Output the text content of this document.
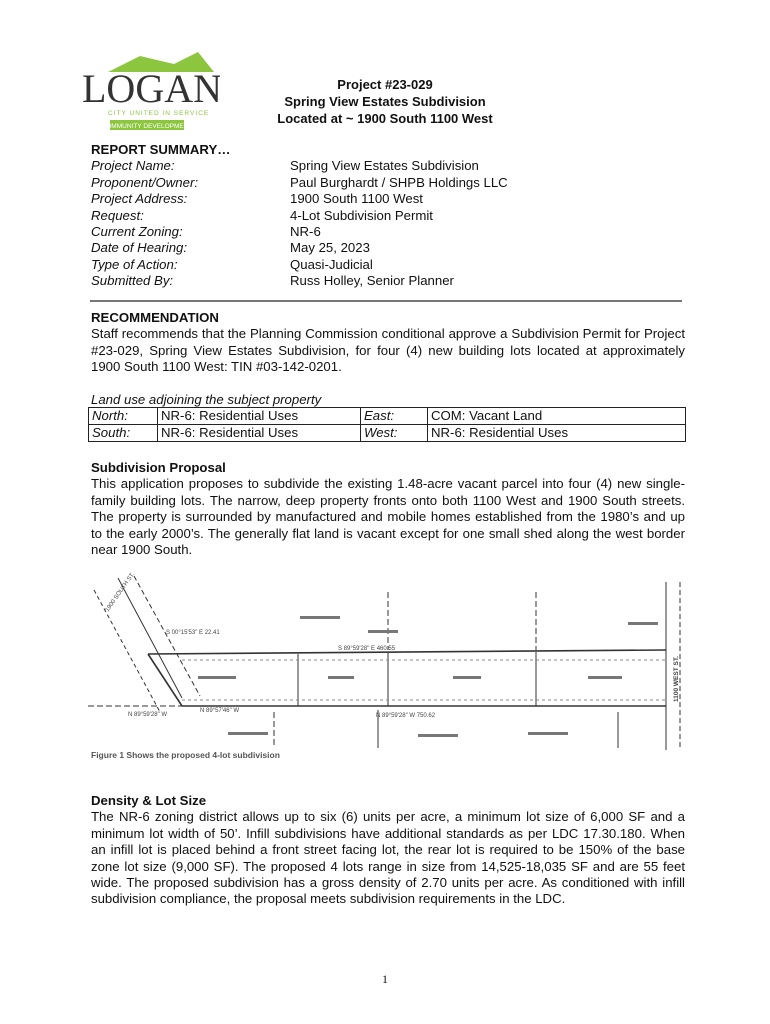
LOGAN
CITY UNITED IN SERVICE
COMMUNITY DEVELOPMENT
Project #23-029
Spring View Estates Subdivision
Located at ~ 1900 South 1100 West
REPORT SUMMARY…
Project Name:	Spring View Estates Subdivision
Proponent/Owner:	Paul Burghardt / SHPB Holdings LLC
Project Address:	1900 South 1100 West
Request:	4-Lot Subdivision Permit
Current Zoning:	NR-6
Date of Hearing:	May 25, 2023
Type of Action:	Quasi-Judicial
Submitted By:	Russ Holley, Senior Planner
RECOMMENDATION
Staff recommends that the Planning Commission conditional approve a Subdivision Permit for Project #23-029, Spring View Estates Subdivision, for four (4) new building lots located at approximately 1900 South 1100 West: TIN #03-142-0201.
Land use adjoining the subject property
North:	NR-6: Residential Uses	East:	COM: Vacant Land
South:	NR-6: Residential Uses	West:	NR-6: Residential Uses
Subdivision Proposal
This application proposes to subdivide the existing 1.48-acre vacant parcel into four (4) new single-family building lots. The narrow, deep property fronts onto both 1100 West and 1900 South streets. The property is surrounded by manufactured and mobile homes established from the 1980’s and up to the early 2000’s. The generally flat land is vacant except for one small shed along the west border near 1900 South.
1900 SOUTH ST.
1100 WEST ST.
S 89°59'28" E 460.55
N 89°59'28" W 750.62
N 89°59'28" W
N 89°57'46" W
S 00°15'53" E 22.41
Figure 1 Shows the proposed 4-lot subdivision
Density & Lot Size
The NR-6 zoning district allows up to six (6) units per acre, a minimum lot size of 6,000 SF and a minimum lot width of 50’. Infill subdivisions have additional standards as per LDC 17.30.180. When an infill lot is placed behind a front street facing lot, the rear lot is required to be 150% of the base zone lot size (9,000 SF). The proposed 4 lots range in size from 14,525-18,035 SF and are 55 feet wide. The proposed subdivision has a gross density of 2.70 units per acre. As conditioned with infill subdivision compliance, the proposal meets subdivision requirements in the LDC.
1
